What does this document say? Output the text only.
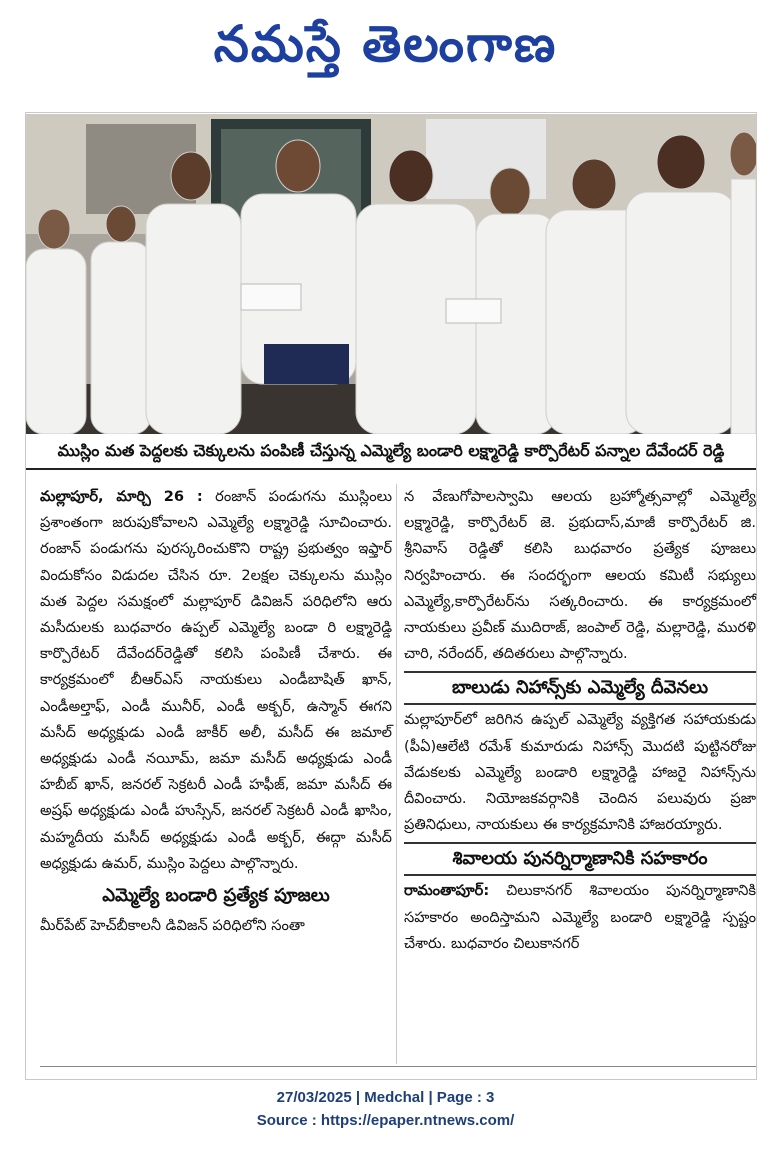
నమస్తే తెలంగాణ
ముస్లిం మత పెద్దలకు చెక్కులను పంపిణీ చేస్తున్న ఎమ్మెల్యే బండారి లక్ష్మారెడ్డి కార్పొరేటర్ పన్నాల దేవేందర్ రెడ్డి

మల్లాపూర్, మార్చి 26 : రంజాన్ పండుగను ముస్లింలు ప్రశాంతంగా జరుపుకోవాలని ఎమ్మెల్యే లక్ష్మారెడ్డి సూచించారు. రంజాన్ పండుగను పురస్కరించుకొని రాష్ట్ర ప్రభుత్వం ఇఫ్తార్ విందుకోసం విడుదల చేసిన రూ. 2లక్షల చెక్కులను ముస్లిం మత పెద్దల సమక్షంలో మల్లాపూర్ డివిజన్ పరిధిలోని ఆరు మసీదులకు బుధవారం ఉప్పల్ ఎమ్మెల్యే బండా రి లక్ష్మారెడ్డి కార్పొరేటర్ దేవేందర్‌రెడ్డితో కలిసి పంపిణీ చేశారు. ఈ కార్యక్రమంలో బీఆర్‌ఎస్ నాయకులు ఎండీబాషిత్ ఖాన్, ఎండీఅల్తాఫ్, ఎండీ మునీర్, ఎండీ అక్బర్, ఉస్మాన్ ఈగని మసీద్ అధ్యక్షుడు ఎండీ జాకీర్ అలీ, మసీద్ ఈ జమాల్ అధ్యక్షుడు ఎండీ నయీమ్, జమా మసీద్ అధ్యక్షుడు ఎండీ హబీబ్ ఖాన్, జనరల్ సెక్రటరీ ఎండీ హఫీజ్, జమా మసీద్ ఈ అష్రఫ్ అధ్యక్షుడు ఎండీ హుస్సేన్, జనరల్ సెక్రటరీ ఎండీ ఖాసిం, మహ్మదీయ మసీద్ అధ్యక్షుడు ఎండీ అక్బర్, ఈద్గా మసీద్ అధ్యక్షుడు ఉమర్, ముస్లిం పెద్దలు పాల్గొన్నారు.

ఎమ్మెల్యే బండారి ప్రత్యేక పూజలు

మీర్‌పేట్ హెచ్‌బీకాలనీ డివిజన్ పరిధిలోని సంతా

న వేణుగోపాలస్వామి ఆలయ బ్రహ్మోత్సవాల్లో ఎమ్మెల్యే లక్ష్మారెడ్డి, కార్పొరేటర్ జె. ప్రభుదాస్,మాజీ కార్పొరేటర్ జి. శ్రీనివాస్ రెడ్డితో కలిసి బుధవారం ప్రత్యేక పూజలు నిర్వహించారు. ఈ సందర్భంగా ఆలయ కమిటీ సభ్యులు ఎమ్మెల్యే,కార్పొరేటర్‌ను సత్కరించారు. ఈ కార్యక్రమంలో నాయకులు ప్రవీణ్ ముదిరాజ్, జంపాల్ రెడ్డి, మల్లారెడ్డి, మురళి చారి, నరేందర్, తదితరులు పాల్గొన్నారు.

బాలుడు నిహాన్స్‌కు ఎమ్మెల్యే దీవెనలు

మల్లాపూర్‌లో జరిగిన ఉప్పల్ ఎమ్మెల్యే వ్యక్తిగత సహాయకుడు (పీఏ)ఆలేటి రమేశ్ కుమారుడు నిహాన్స్ మొదటి పుట్టినరోజు వేడుకలకు ఎమ్మెల్యే బండారి లక్ష్మారెడ్డి హాజరై నిహాన్స్‌ను దీవించారు. నియోజకవర్గానికి చెందిన పలువురు ప్రజా ప్రతినిధులు, నాయకులు ఈ కార్యక్రమానికి హాజరయ్యారు.

శివాలయ పునర్నిర్మాణానికి సహకారం

రామంతాపూర్: చిలుకానగర్ శివాలయం పునర్నిర్మాణానికి సహకారం అందిస్తామని ఎమ్మెల్యే బండారి లక్ష్మారెడ్డి స్పష్టం చేశారు. బుధవారం చిలుకానగర్

27/03/2025 | Medchal | Page : 3
Source : https://epaper.ntnews.com/
